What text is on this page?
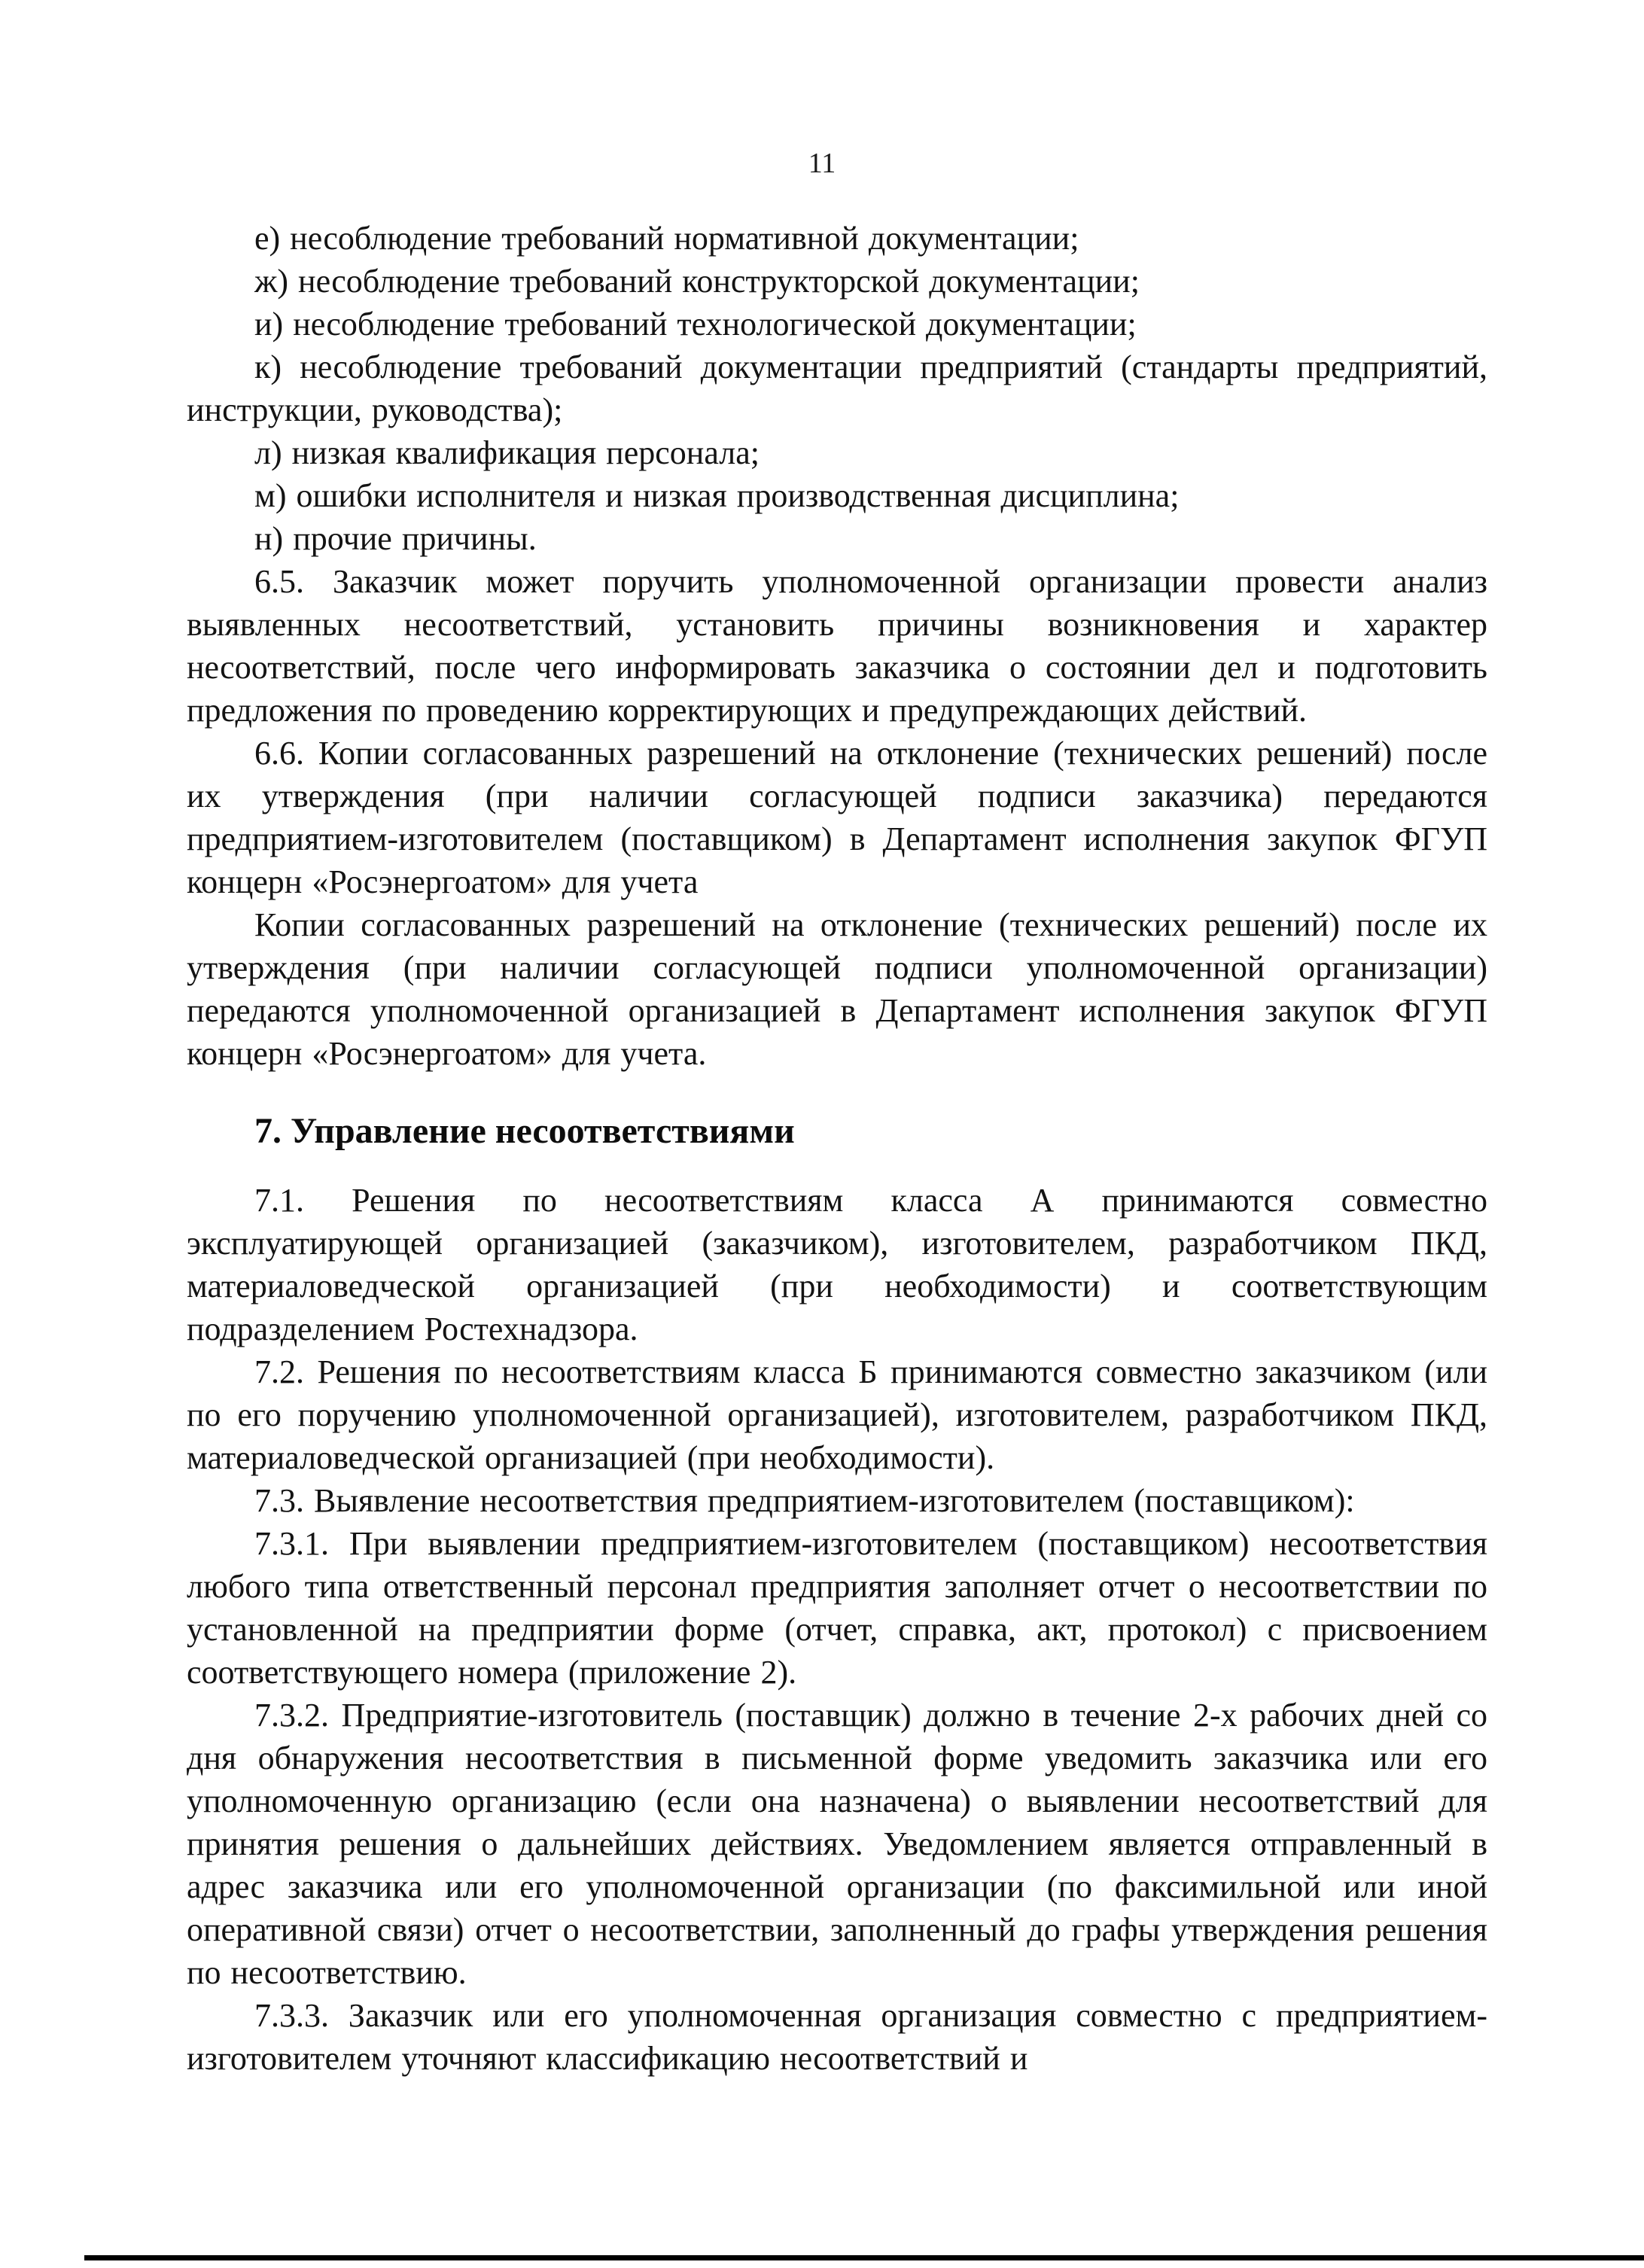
11

е) несоблюдение требований нормативной документации;

ж) несоблюдение требований конструкторской документации;

и) несоблюдение требований технологической документации;

к) несоблюдение требований документации предприятий (стандарты предприятий, инструкции, руководства);

л) низкая квалификация персонала;

м) ошибки исполнителя и низкая производственная дисциплина;

н) прочие причины.

6.5. Заказчик может поручить уполномоченной организации провести анализ выявленных несоответствий, установить причины возникновения и характер несоответствий, после чего информировать заказчика о состоянии дел и подготовить предложения по проведению корректирующих и предупреждающих действий.

6.6. Копии согласованных разрешений на отклонение (технических решений) после их утверждения (при наличии согласующей подписи заказчика) передаются предприятием-изготовителем (поставщиком) в Департамент исполнения закупок ФГУП концерн «Росэнергоатом» для учета

Копии согласованных разрешений на отклонение (технических решений) после их утверждения (при наличии согласующей подписи уполномоченной организации) передаются уполномоченной организацией в Департамент исполнения закупок ФГУП концерн «Росэнергоатом» для учета.

7. Управление несоответствиями

7.1. Решения по несоответствиям класса А принимаются совместно эксплуатирующей организацией (заказчиком), изготовителем, разработчиком ПКД, материаловедческой организацией (при необходимости) и соответствующим подразделением Ростехнадзора.

7.2. Решения по несоответствиям класса Б принимаются совместно заказчиком (или по его поручению уполномоченной организацией), изготовителем, разработчиком ПКД, материаловедческой организацией (при необходимости).

7.3. Выявление несоответствия предприятием-изготовителем (поставщиком):

7.3.1. При выявлении предприятием-изготовителем (поставщиком) несоответствия любого типа ответственный персонал предприятия заполняет отчет о несоответствии по установленной на предприятии форме (отчет, справка, акт, протокол) с присвоением соответствующего номера (приложение 2).

7.3.2. Предприятие-изготовитель (поставщик) должно в течение 2-х рабочих дней со дня обнаружения несоответствия в письменной форме уведомить заказчика или его уполномоченную организацию (если она назначена) о выявлении несоответствий для принятия решения о дальнейших действиях. Уведомлением является отправленный в адрес заказчика или его уполномоченной организации (по факсимильной или иной оперативной связи) отчет о несоответствии, заполненный до графы утверждения решения по несоответствию.

7.3.3. Заказчик или его уполномоченная организация совместно с предприятием-изготовителем уточняют классификацию несоответствий и
